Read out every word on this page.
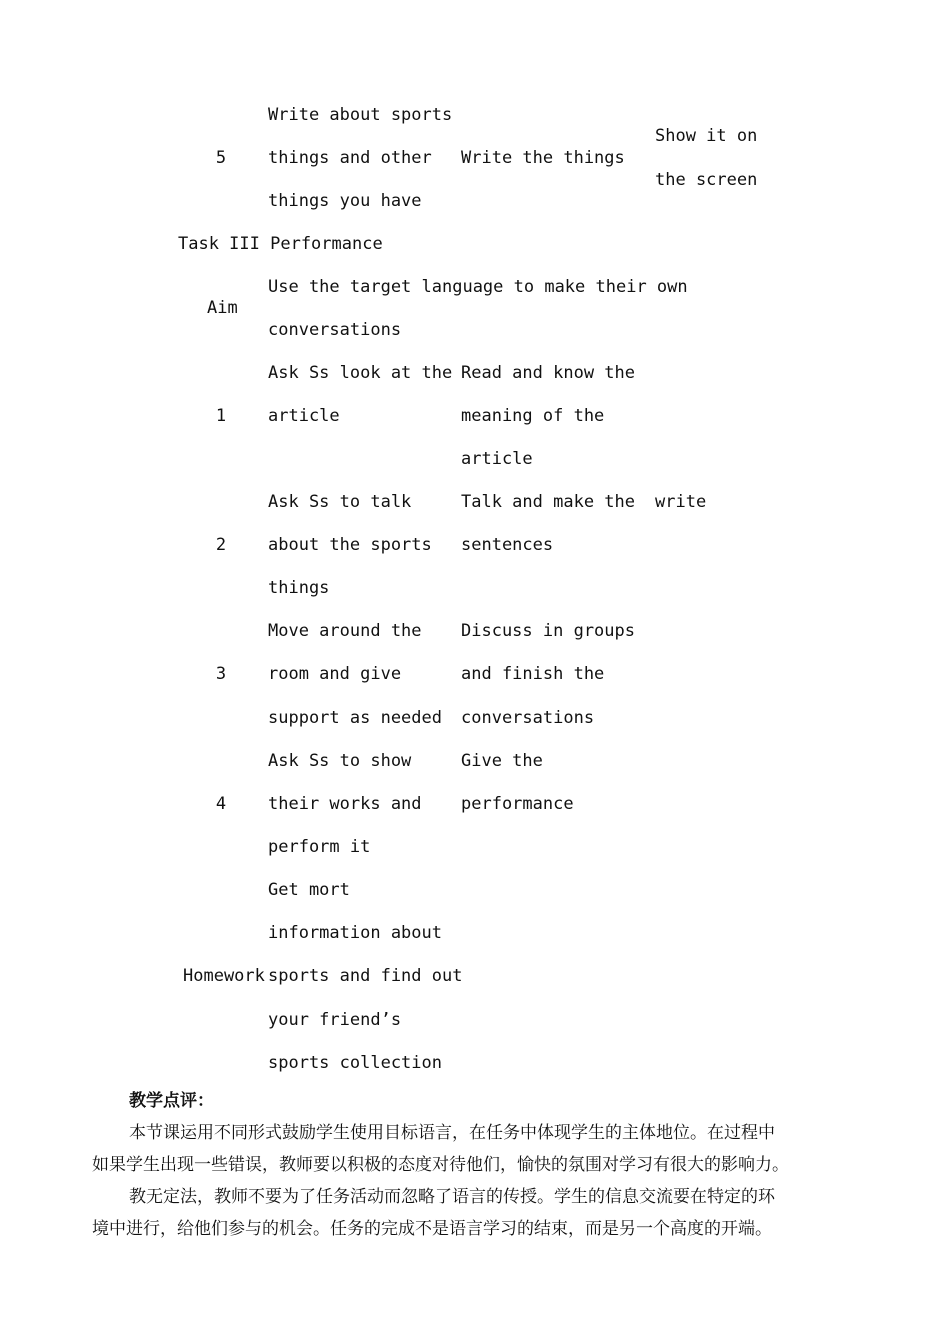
5
Write about sports
things and other
things you have
Write the things
Show it on
the screen
Task III Performance
Aim
Use the target language to make their own
conversations
1
Ask Ss look at the
article
Read and know the
meaning of the
article
2
Ask Ss to talk
about the sports
things
Talk and make the
sentences
write
3
Move around the
room and give
support as needed
Discuss in groups
and finish the
conversations
4
Ask Ss to show
their works and
perform it
Give the
performance
Homework
Get mort
information about
sports and find out
your friend’s
sports collection
教学点评：
本节课运用不同形式鼓励学生使用目标语言，在任务中体现学生的主体地位。在过程中
如果学生出现一些错误，教师要以积极的态度对待他们，愉快的氛围对学习有很大的影响力。
教无定法，教师不要为了任务活动而忽略了语言的传授。学生的信息交流要在特定的环
境中进行，给他们参与的机会。任务的完成不是语言学习的结束，而是另一个高度的开端。
